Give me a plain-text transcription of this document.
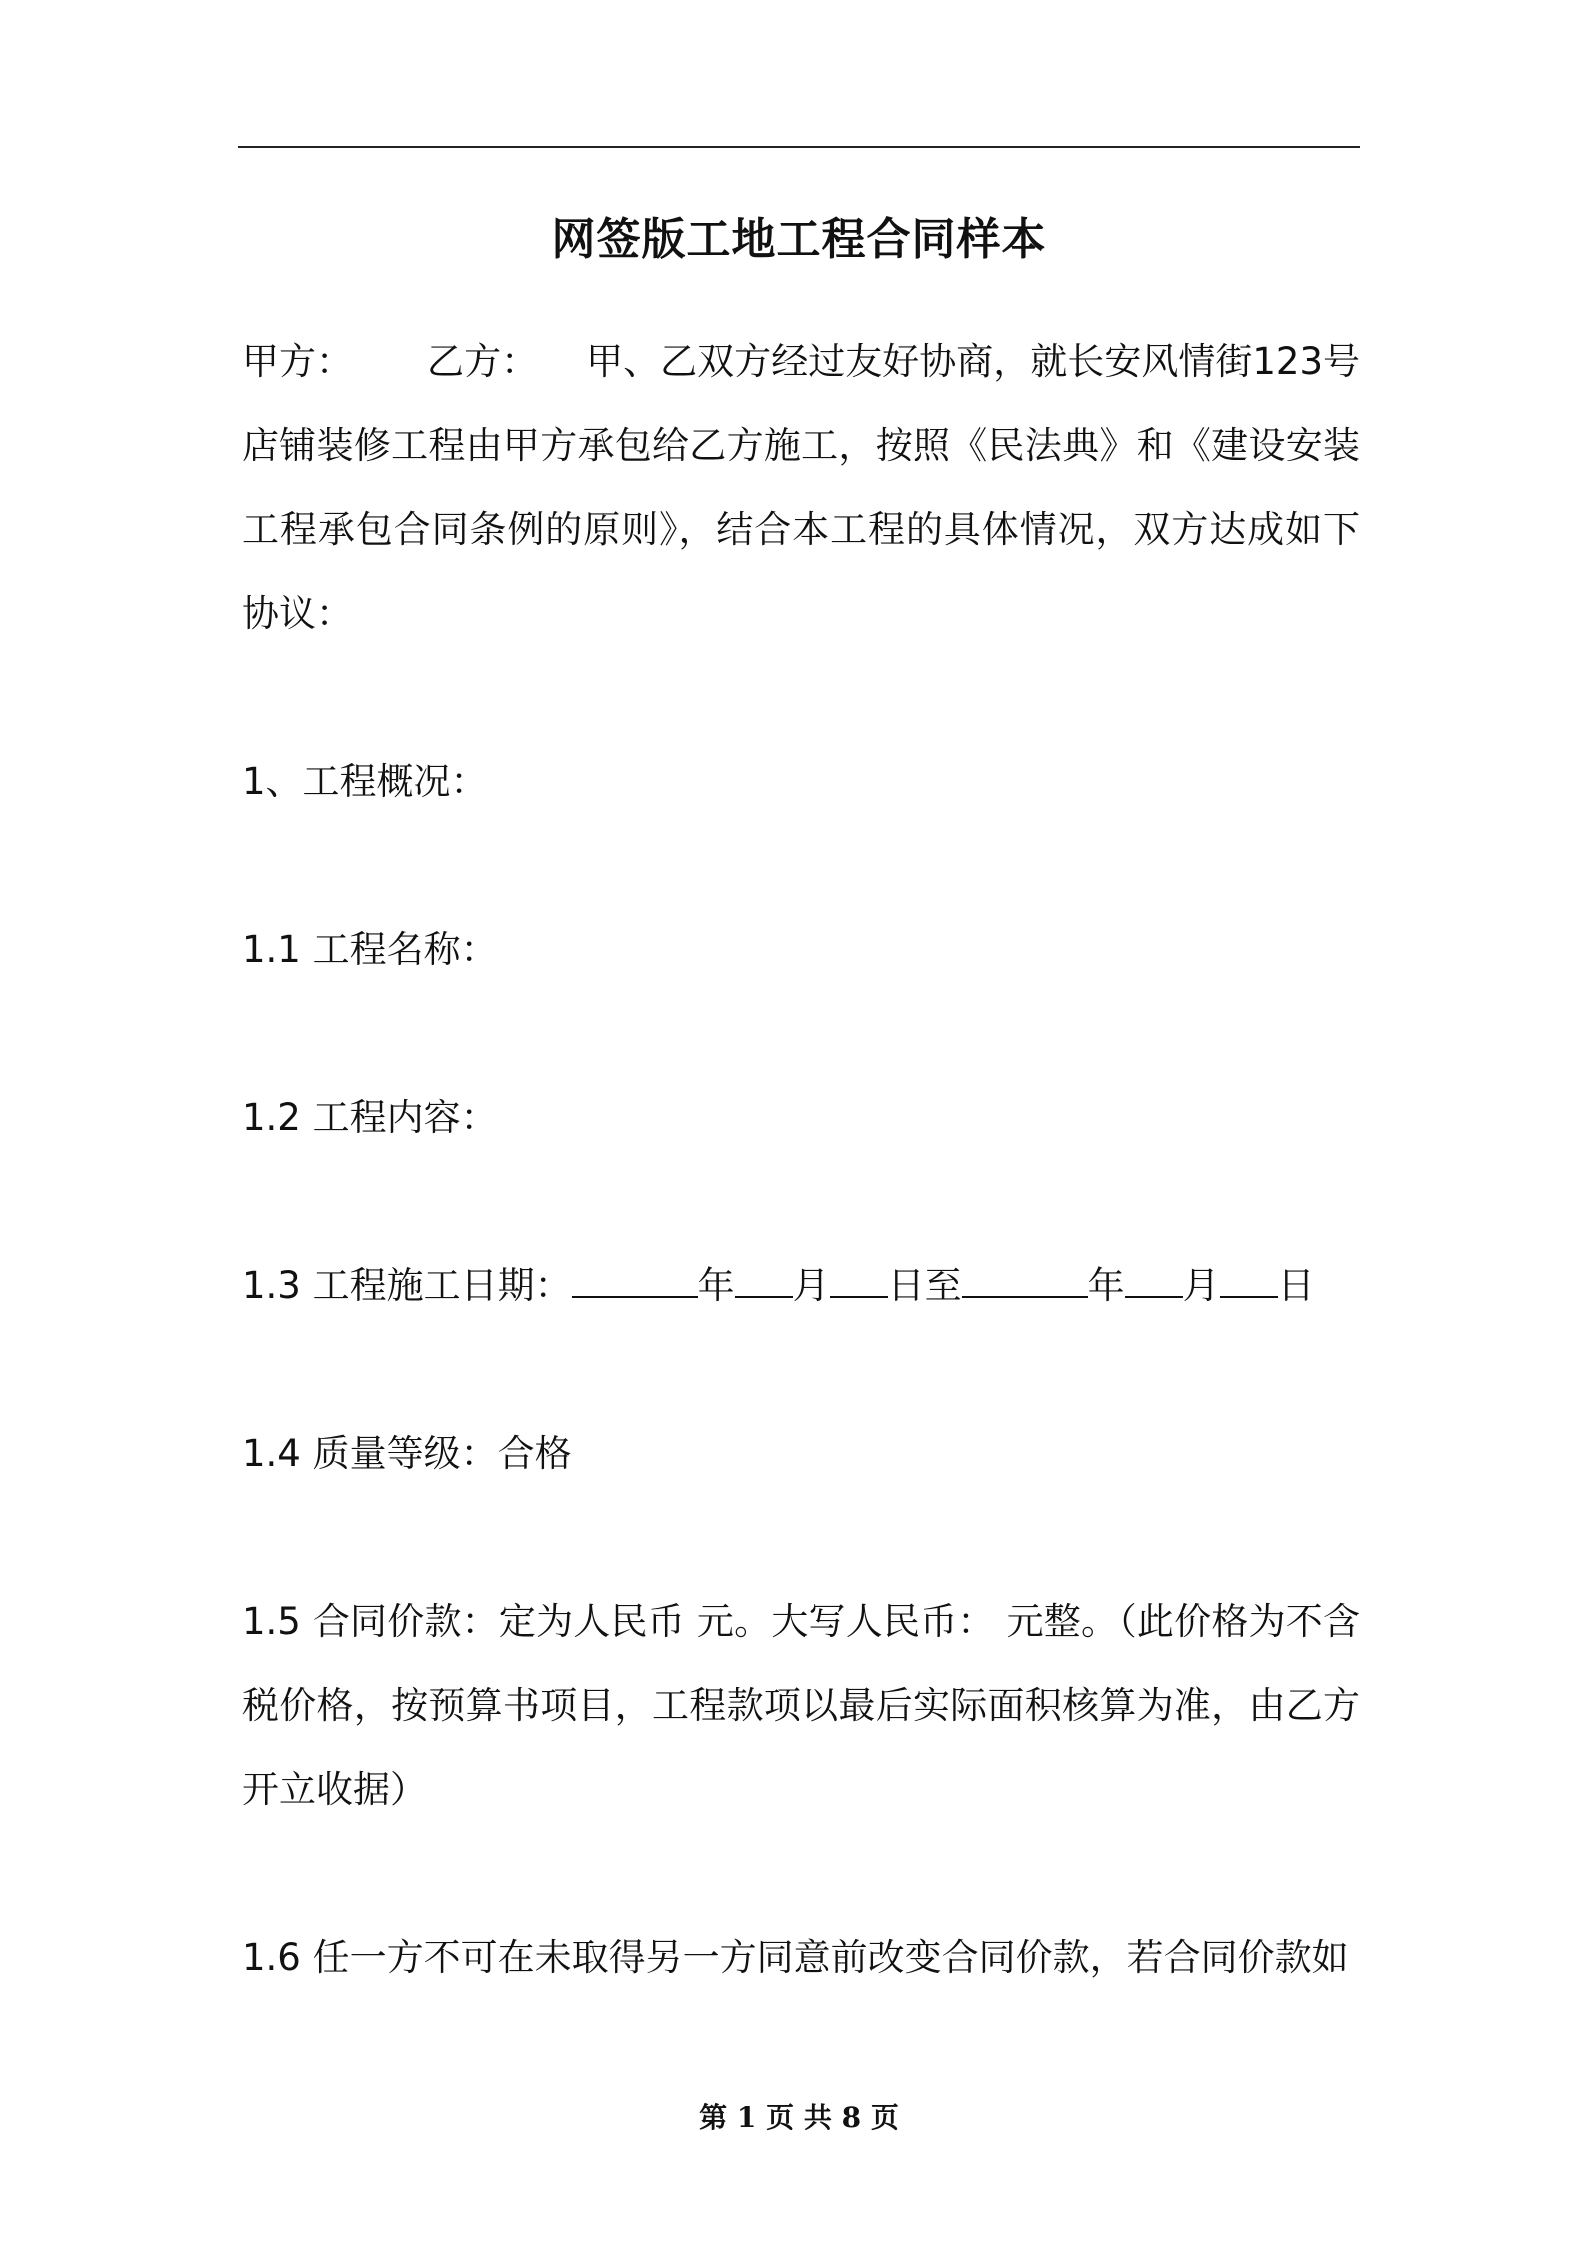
网签版工地工程合同样本

甲方： 乙方： 甲、乙双方经过友好协商，就长安风情街123号店铺装修工程由甲方承包给乙方施工，按照《民法典》和《建设安装工程承包合同条例的原则》，结合本工程的具体情况，双方达成如下协议：

1、工程概况：

1.1 工程名称：

1.2 工程内容：

1.3 工程施工日期：	年 月 日至	年 月 日

1.4 质量等级：合格

1.5 合同价款：定为人民币 元。大写人民币： 元整。（此价格为不含税价格，按预算书项目，工程款项以最后实际面积核算为准，由乙方开立收据）

1.6 任一方不可在未取得另一方同意前改变合同价款，若合同价款如

第 1 页 共 8 页
